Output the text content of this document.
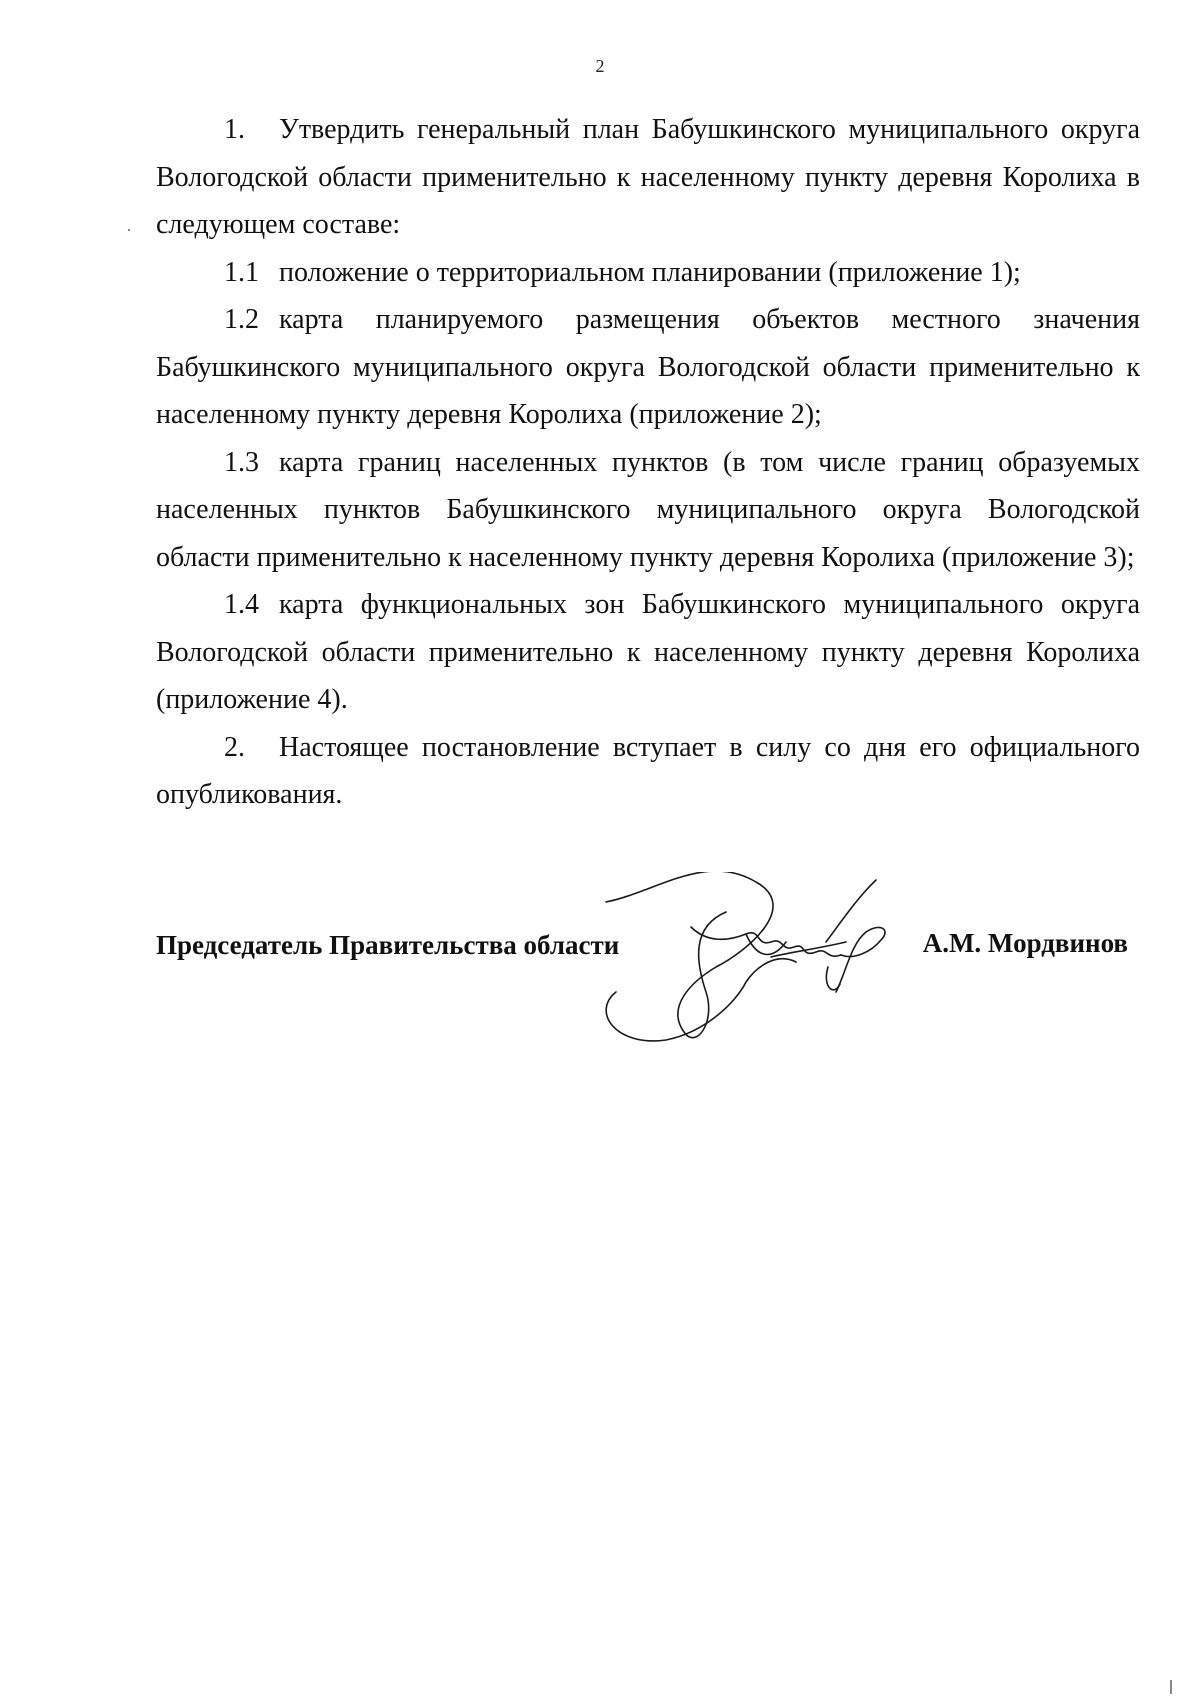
2

1. Утвердить генеральный план Бабушкинского муниципального округа Вологодской области применительно к населенному пункту деревня Королиха в следующем составе:

1.1 положение о территориальном планировании (приложение 1);

1.2 карта планируемого размещения объектов местного значения Бабушкинского муниципального округа Вологодской области применительно к населенному пункту деревня Королиха (приложение 2);

1.3 карта границ населенных пунктов (в том числе границ образуемых населенных пунктов Бабушкинского муниципального округа Вологодской области применительно к населенному пункту деревня Королиха (приложение 3);

1.4 карта функциональных зон Бабушкинского муниципального округа Вологодской области применительно к населенному пункту деревня Королиха (приложение 4).

2. Настоящее постановление вступает в силу со дня его официального опубликования.

Председатель Правительства области	А.М. Мордвинов
